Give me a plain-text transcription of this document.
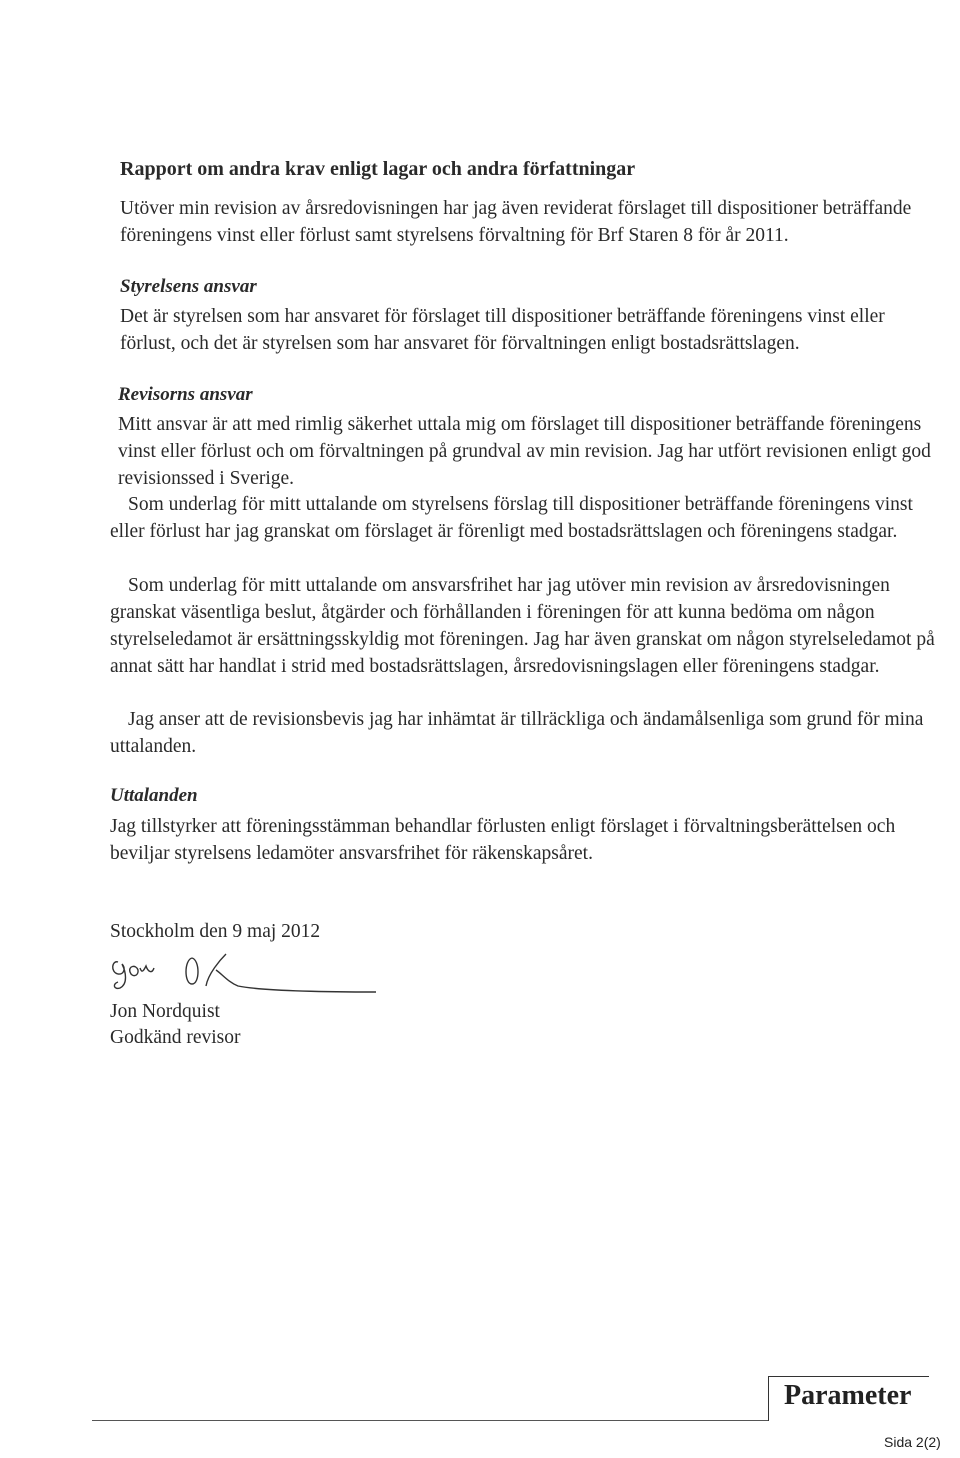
Rapport om andra krav enligt lagar och andra författningar

Utöver min revision av årsredovisningen har jag även reviderat förslaget till dispositioner beträffande föreningens vinst eller förlust samt styrelsens förvaltning för Brf Staren 8 för år 2011.

Styrelsens ansvar

Det är styrelsen som har ansvaret för förslaget till dispositioner beträffande föreningens vinst eller förlust, och det är styrelsen som har ansvaret för förvaltningen enligt bostadsrättslagen.

Revisorns ansvar

Mitt ansvar är att med rimlig säkerhet uttala mig om förslaget till dispositioner beträffande föreningens vinst eller förlust och om förvaltningen på grundval av min revision. Jag har utfört revisionen enligt god revisionssed i Sverige.

Som underlag för mitt uttalande om styrelsens förslag till dispositioner beträffande föreningens vinst eller förlust har jag granskat om förslaget är förenligt med bostadsrättslagen och föreningens stadgar.

Som underlag för mitt uttalande om ansvarsfrihet har jag utöver min revision av årsredovisningen granskat väsentliga beslut, åtgärder och förhållanden i föreningen för att kunna bedöma om någon styrelseledamot är ersättningsskyldig mot föreningen. Jag har även granskat om någon styrelseledamot på annat sätt har handlat i strid med bostadsrättslagen, årsredovisningslagen eller föreningens stadgar.

Jag anser att de revisionsbevis jag har inhämtat är tillräckliga och ändamålsenliga som grund för mina uttalanden.

Uttalanden

Jag tillstyrker att föreningsstämman behandlar förlusten enligt förslaget i förvaltningsberättelsen och beviljar styrelsens ledamöter ansvarsfrihet för räkenskapsåret.

Stockholm den 9 maj 2012
Jon Nordquist
Godkänd revisor
Parameter
Sida 2(2)
